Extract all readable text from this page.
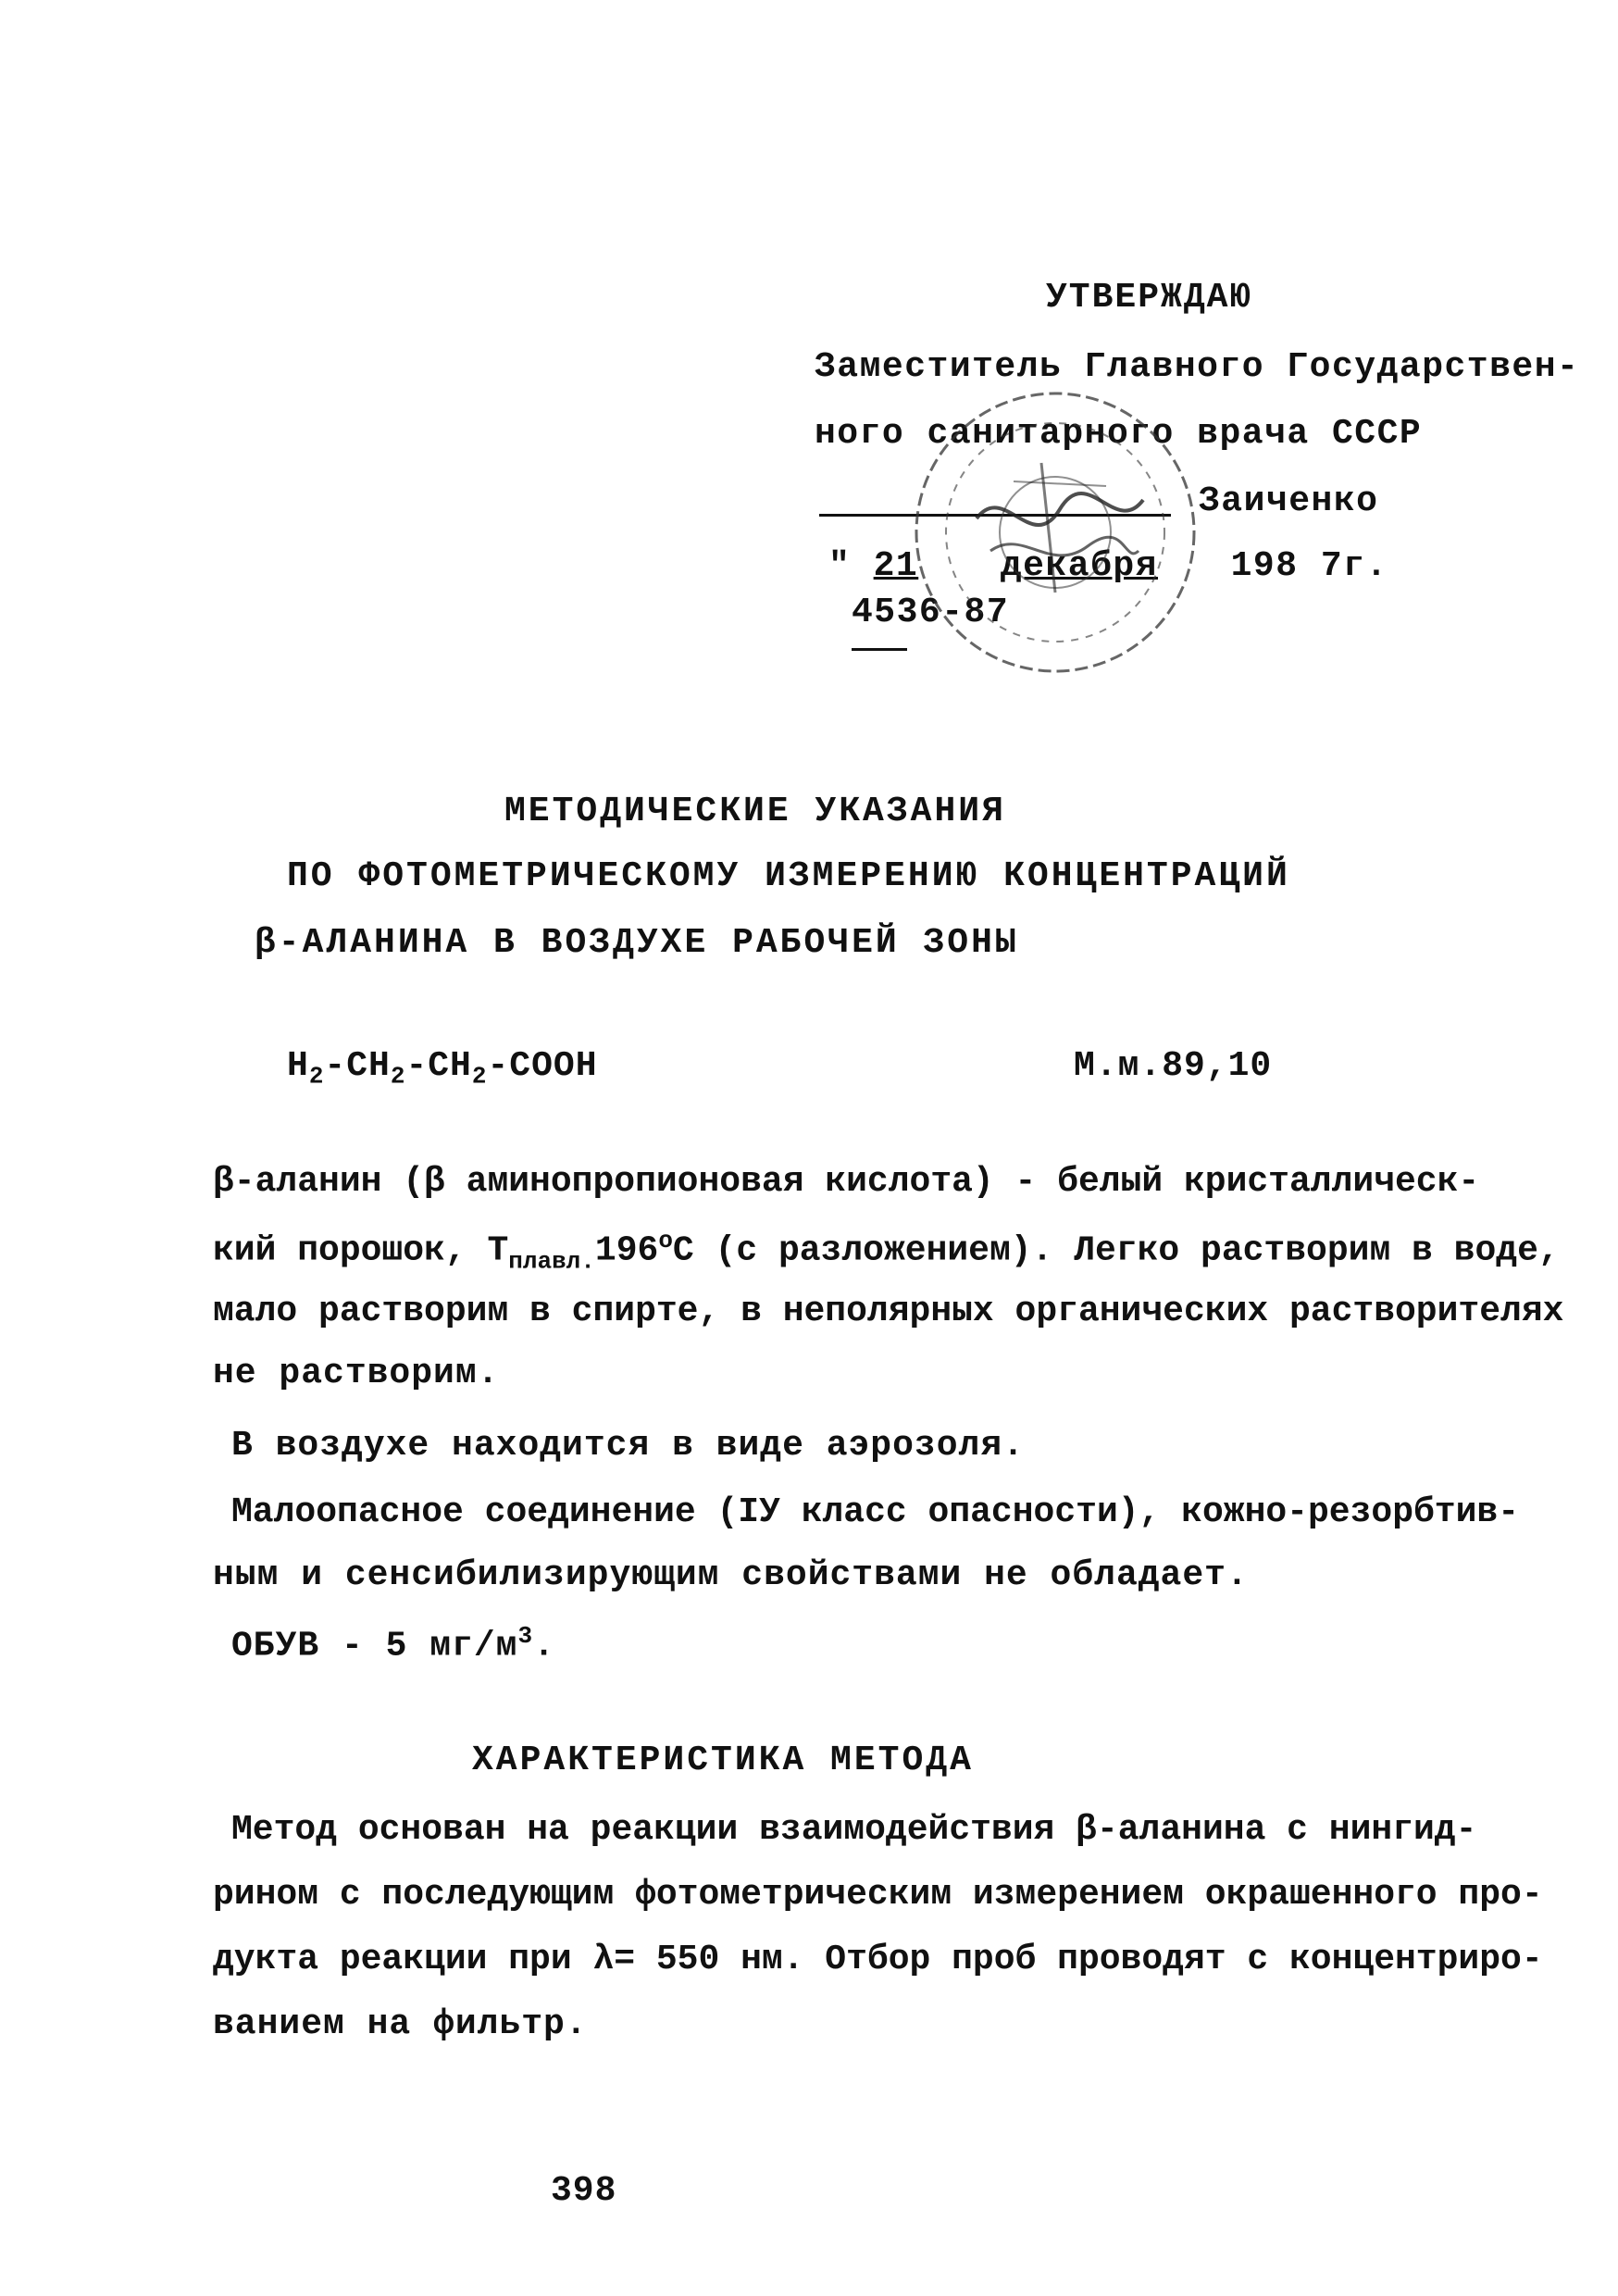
УТВЕРЖДАЮ
Заместитель Главного Государствен-
ного санитарного врача СССР
Заиченко
" 21 декабря 198 7г.
4536-87
МЕТОДИЧЕСКИЕ УКАЗАНИЯ
ПО ФОТОМЕТРИЧЕСКОМУ ИЗМЕРЕНИЮ КОНЦЕНТРАЦИЙ
β-АЛАНИНА В ВОЗДУХЕ РАБОЧЕЙ ЗОНЫ
$H_2-CH_2-CH_2$-COOH	М.м.89,10
β-аланин (β аминопропионовая кислота) - белый кристаллическ-
кий порошок, $Т_{плавл.}196^оС$ (с разложением). Легко растворим в воде,
мало растворим в спирте, в неполярных органических растворителях
не растворим.
В воздухе находится в виде аэрозоля.
Малоопасное соединение (IУ класс опасности), кожно-резорбтив-
ным и сенсибилизирующим свойствами не обладает.
ОБУВ - 5 $мг/м^3$.
ХАРАКТЕРИСТИКА МЕТОДА
Метод основан на реакции взаимодействия β-аланина с нингид-
рином с последующим фотометрическим измерением окрашенного про-
дукта реакции при λ= 550 нм. Отбор проб проводят с концентриро-
ванием на фильтр.
398
